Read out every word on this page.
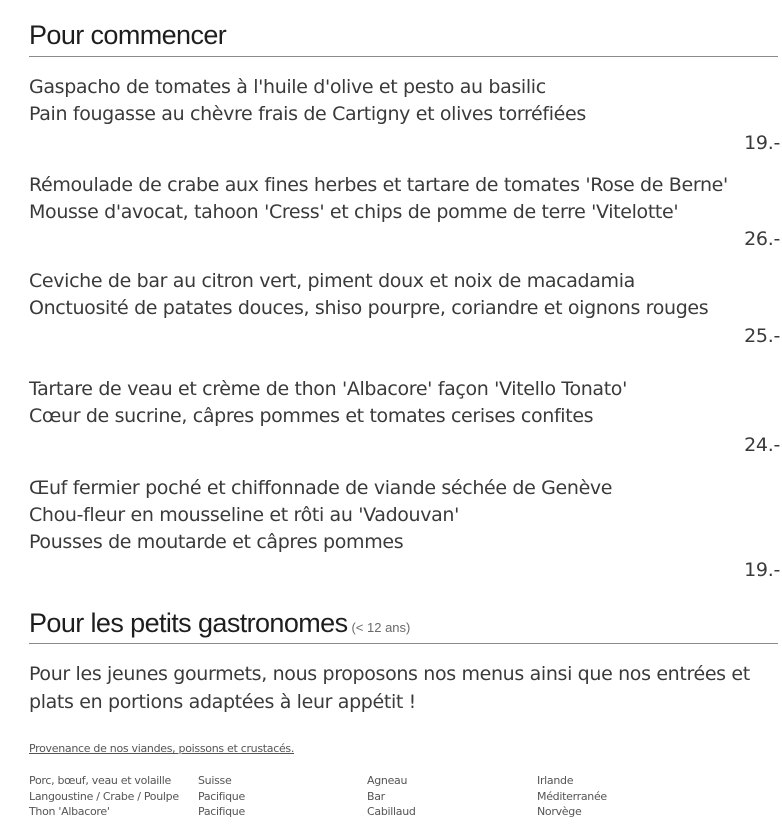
Pour commencer
Gaspacho de tomates à l'huile d'olive et pesto au basilic
Pain fougasse au chèvre frais de Cartigny et olives torréfiées
19.-
Rémoulade de crabe aux fines herbes et tartare de tomates 'Rose de Berne'
Mousse d'avocat, tahoon 'Cress' et chips de pomme de terre 'Vitelotte'
26.-
Ceviche de bar au citron vert, piment doux et noix de macadamia
Onctuosité de patates douces, shiso pourpre, coriandre et oignons rouges
25.-
Tartare de veau et crème de thon 'Albacore' façon 'Vitello Tonato'
Cœur de sucrine, câpres pommes et tomates cerises confites
24.-
Œuf fermier poché et chiffonnade de viande séchée de Genève
Chou-fleur en mousseline et rôti au 'Vadouvan'
Pousses de moutarde et câpres pommes
19.-
Pour les petits gastronomes (< 12 ans)
Pour les jeunes gourmets, nous proposons nos menus ainsi que nos entrées et plats en portions adaptées à leur appétit !
Provenance de nos viandes, poissons et crustacés.
Porc, bœuf, veau et volaille
Langoustine / Crabe / Poulpe
Thon 'Albacore'
Suisse
Pacifique
Pacifique
Agneau
Bar
Cabillaud
Irlande
Méditerranée
Norvège
